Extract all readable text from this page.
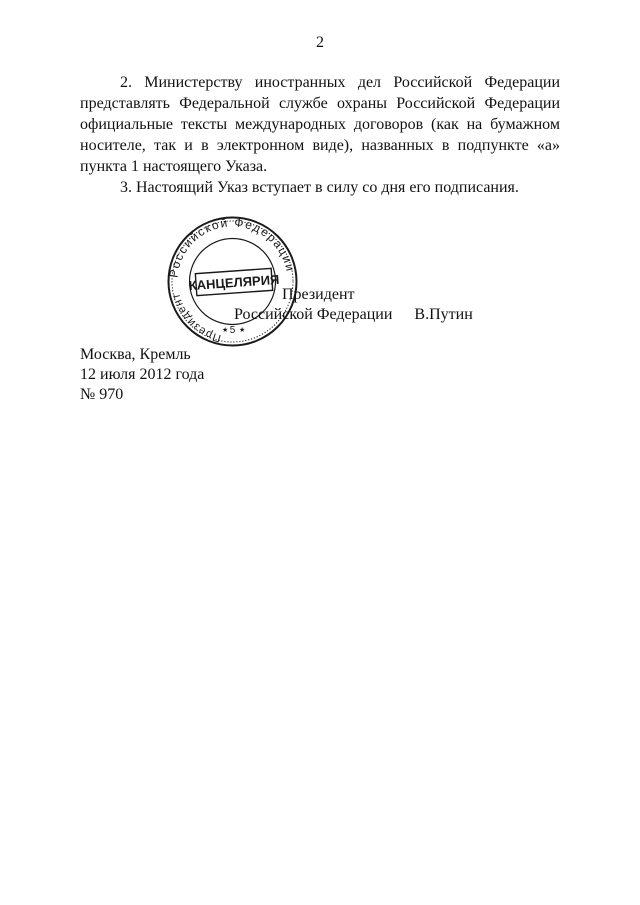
2

2. Министерству иностранных дел Российской Федерации представлять Федеральной службе охраны Российской Федерации официальные тексты международных договоров (как на бумажном носителе, так и в электронном виде), названных в подпункте «а» пункта 1 настоящего Указа.

3. Настоящий Указ вступает в силу со дня его подписания.

Российской Федерации
Президент
КАНЦЕЛЯРИЯ
5
★ ★
Президент
Российской Федерации В.Путин
Москва, Кремль
12 июля 2012 года
№ 970
